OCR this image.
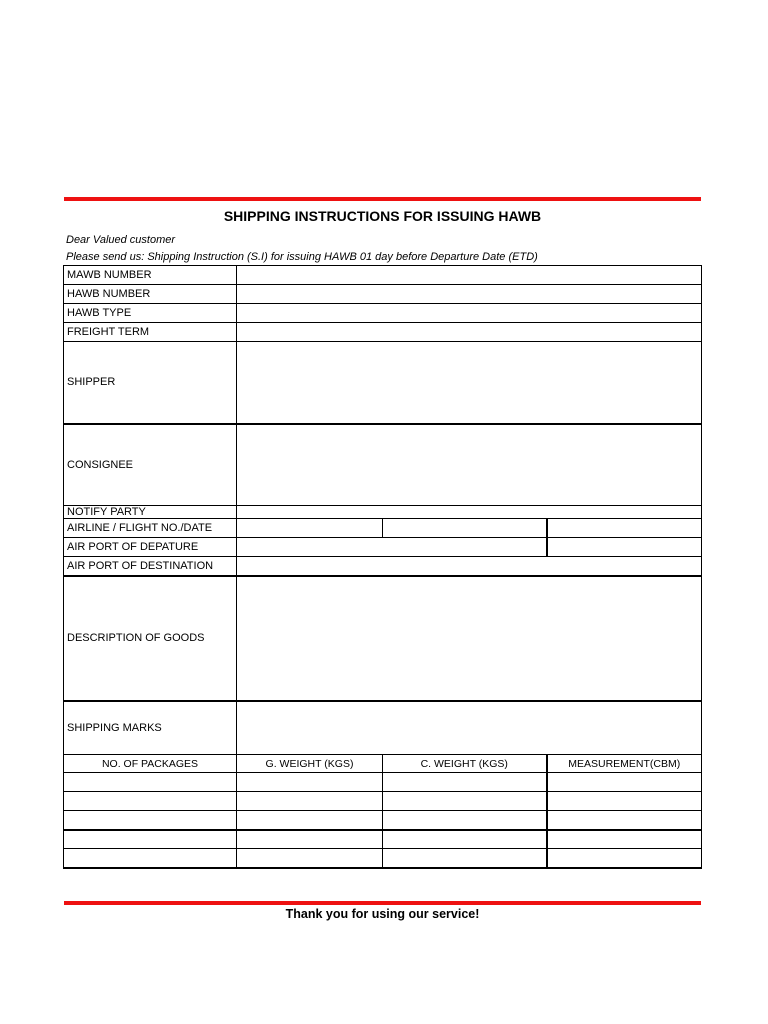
SHIPPING INSTRUCTIONS FOR ISSUING HAWB
Dear Valued customer
Please send us: Shipping Instruction (S.I) for issuing HAWB 01 day before Departure Date (ETD)
MAWB NUMBER			
HAWB NUMBER			
HAWB TYPE			
FREIGHT TERM			
SHIPPER			
CONSIGNEE			
NOTIFY PARTY			
AIRLINE / FLIGHT NO./DATE			
AIR PORT OF DEPATURE			
AIR PORT OF DESTINATION			
DESCRIPTION OF GOODS			
SHIPPING MARKS			
NO. OF PACKAGES	G. WEIGHT (KGS)	C. WEIGHT (KGS)	MEASUREMENT(CBM)

Thank you for using our service!
